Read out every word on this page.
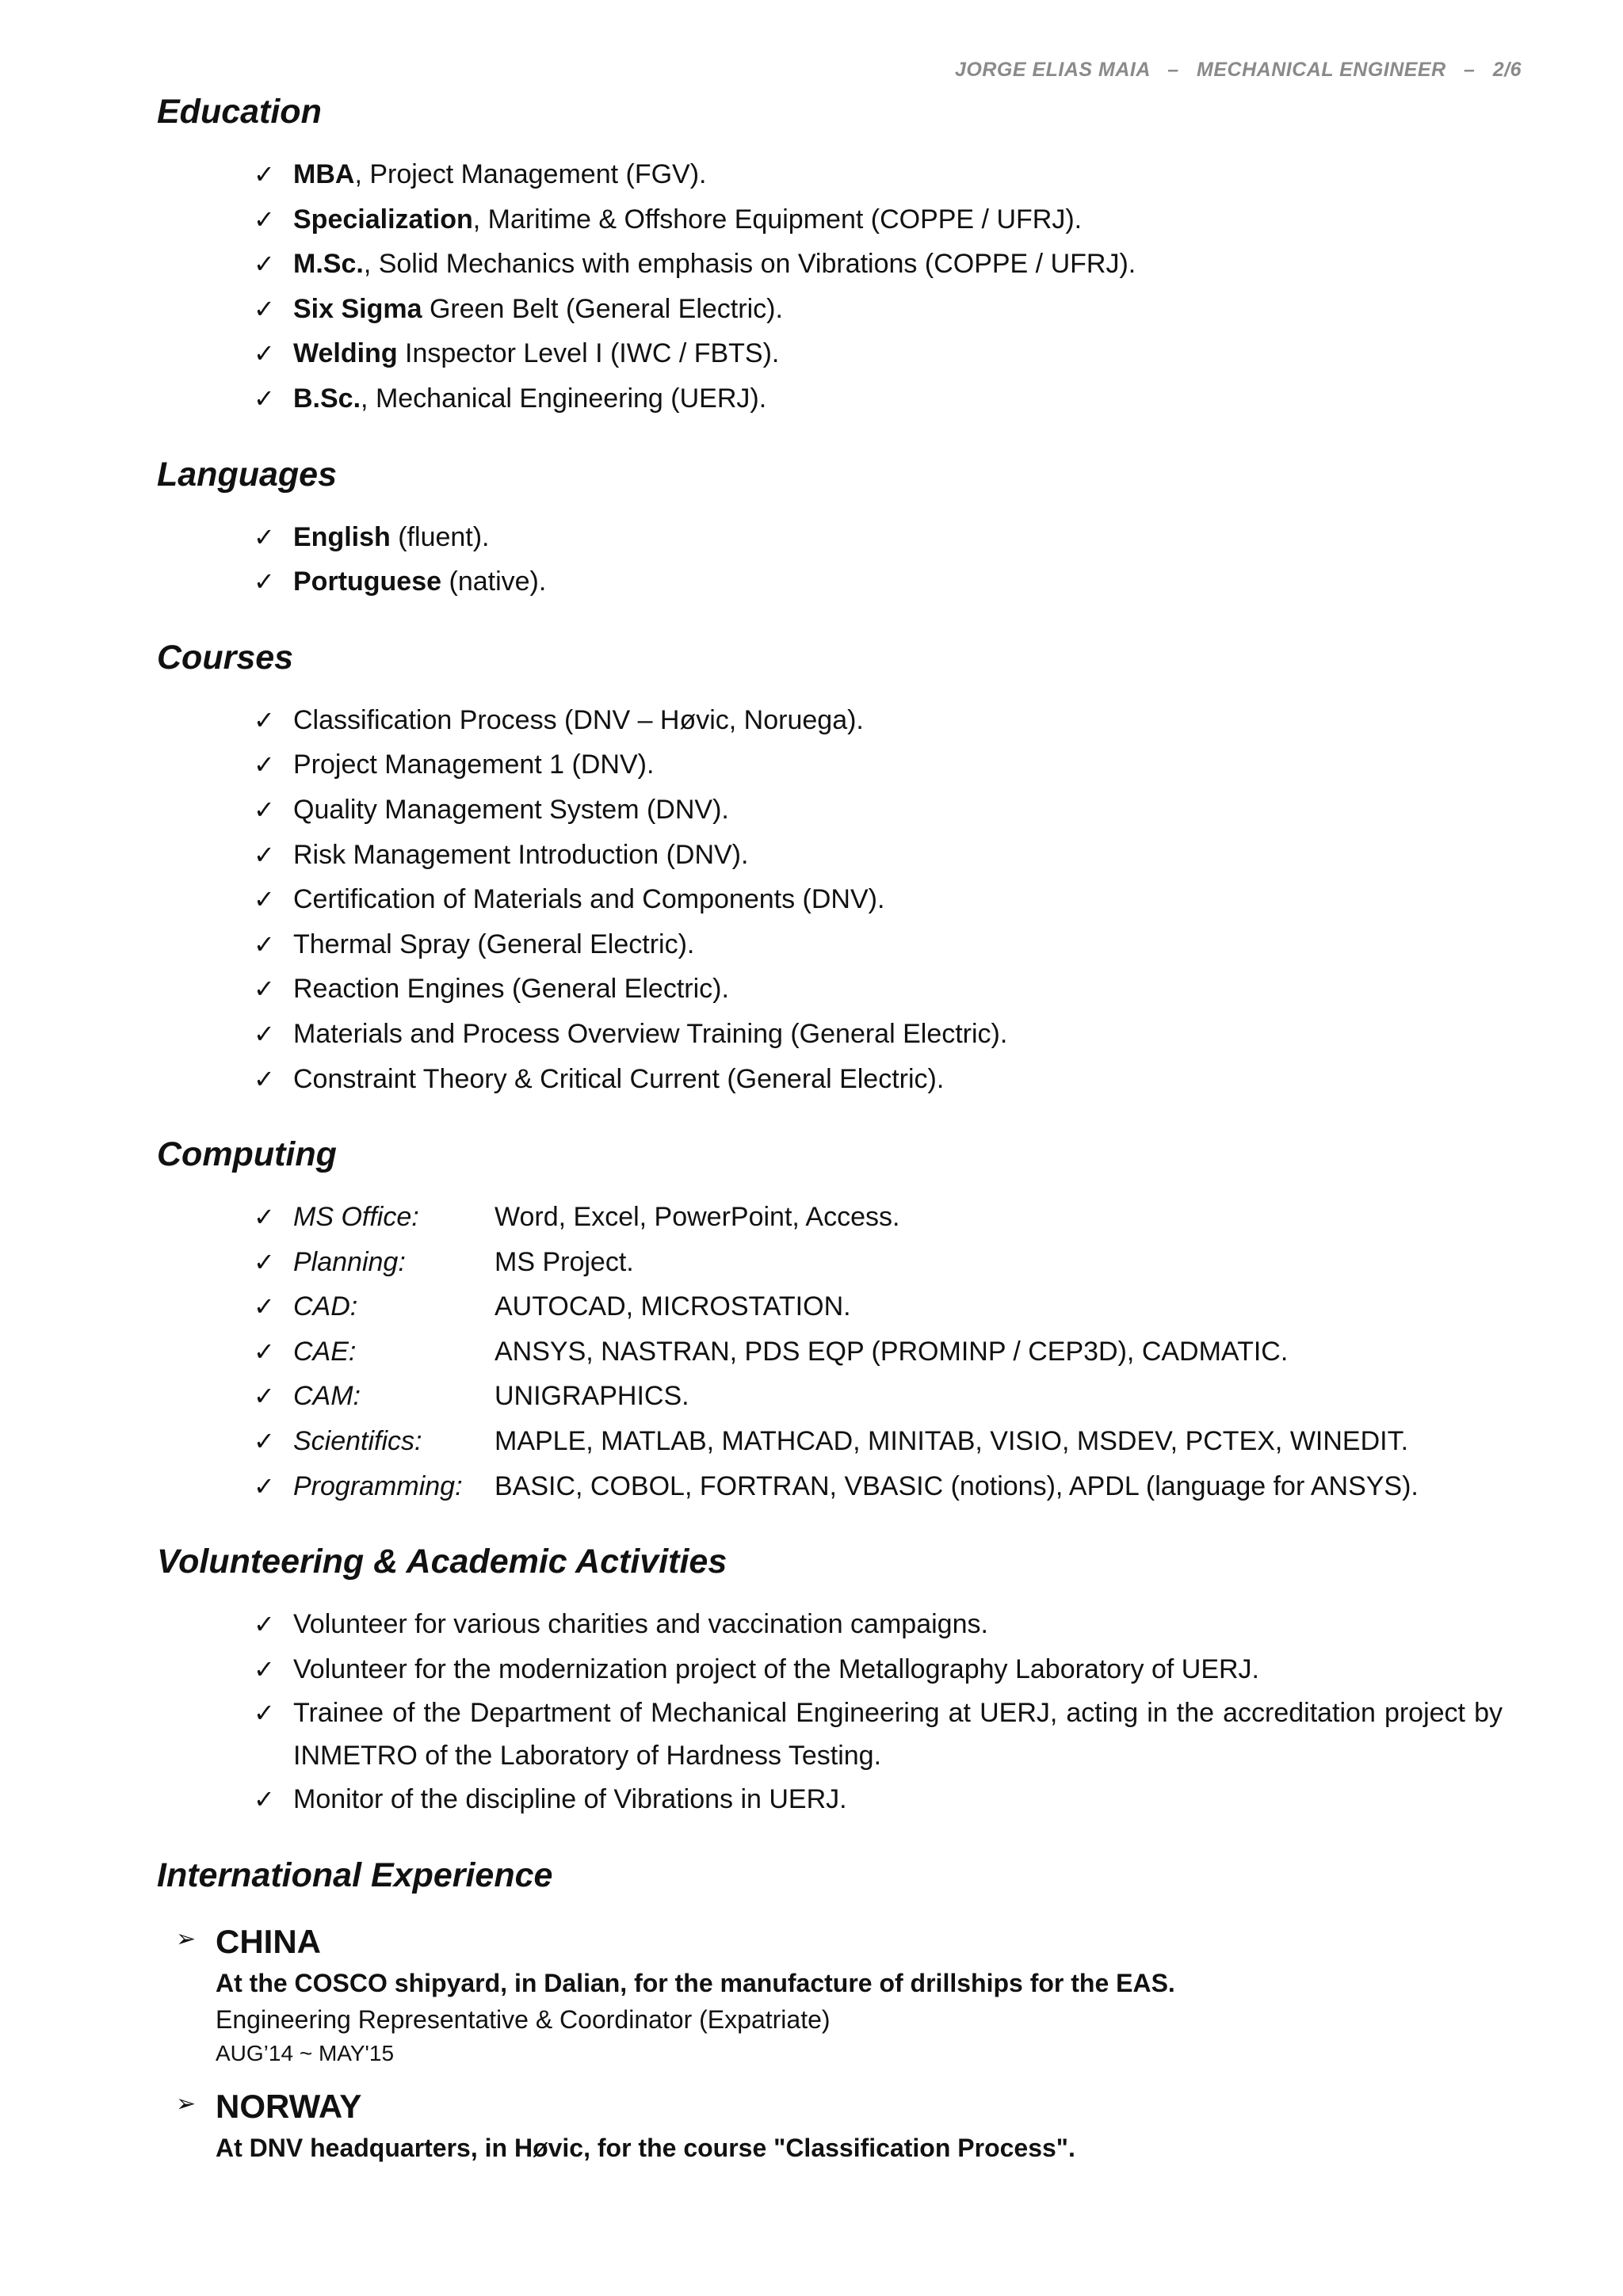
JORGE ELIAS MAIA   –   MECHANICAL ENGINEER   –   2/6
Education
✓ MBA, Project Management (FGV).
✓ Specialization, Maritime & Offshore Equipment (COPPE / UFRJ).
✓ M.Sc., Solid Mechanics with emphasis on Vibrations (COPPE / UFRJ).
✓ Six Sigma Green Belt (General Electric).
✓ Welding Inspector Level I (IWC / FBTS).
✓ B.Sc., Mechanical Engineering (UERJ).
Languages
✓ English (fluent).
✓ Portuguese (native).
Courses
✓ Classification Process (DNV – Høvic, Noruega).
✓ Project Management 1 (DNV).
✓ Quality Management System (DNV).
✓ Risk Management Introduction (DNV).
✓ Certification of Materials and Components (DNV).
✓ Thermal Spray (General Electric).
✓ Reaction Engines (General Electric).
✓ Materials and Process Overview Training (General Electric).
✓ Constraint Theory & Critical Current (General Electric).
Computing
✓ MS Office:	Word, Excel, PowerPoint, Access.
✓ Planning:	MS Project.
✓ CAD:	AUTOCAD, MICROSTATION.
✓ CAE:	ANSYS, NASTRAN, PDS EQP (PROMINP / CEP3D), CADMATIC.
✓ CAM:	UNIGRAPHICS.
✓ Scientifics:	MAPLE, MATLAB, MATHCAD, MINITAB, VISIO, MSDEV, PCTEX, WINEDIT.
✓ Programming: BASIC, COBOL, FORTRAN, VBASIC (notions), APDL (language for ANSYS).
Volunteering & Academic Activities
✓ Volunteer for various charities and vaccination campaigns.
✓ Volunteer for the modernization project of the Metallography Laboratory of UERJ.
✓ Trainee of the Department of Mechanical Engineering at UERJ, acting in the accreditation project by INMETRO of the Laboratory of Hardness Testing.
✓ Monitor of the discipline of Vibrations in UERJ.
International Experience
➢ CHINA
At the COSCO shipyard, in Dalian, for the manufacture of drillships for the EAS.
Engineering Representative & Coordinator (Expatriate)
AUG’14 ~ MAY'15
➢ NORWAY
At DNV headquarters, in Høvic, for the course "Classification Process".
